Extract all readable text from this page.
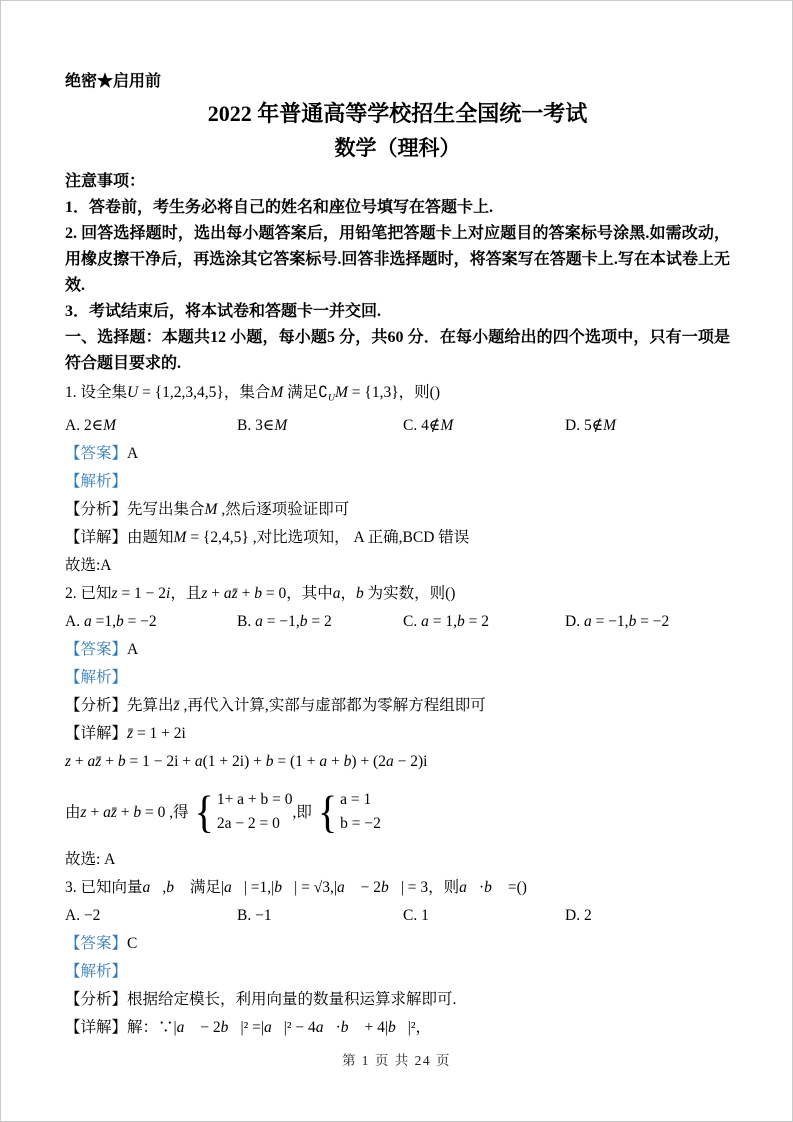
绝密★启用前
2022 年普通高等学校招生全国统一考试
数学（理科）
注意事项：

1．答卷前，考生务必将自己的姓名和座位号填写在答题卡上.

2. 回答选择题时，选出每小题答案后，用铅笔把答题卡上对应题目的答案标号涂黑.如需改动，用橡皮擦干净后，再选涂其它答案标号.回答非选择题时，将答案写在答题卡上.写在本试卷上无效.

3．考试结束后，将本试卷和答题卡一并交回.

一、选择题：本题共12 小题，每小题5 分，共60 分．在每小题给出的四个选项中，只有一项是符合题目要求的.

1. 设全集U = {1,2,3,4,5}，集合M 满足$∁_UM = \{1,3\}$，则()

A. 2∈M	B. 3∈M	C. 4∉M	D. 5∉M

【答案】A

【解析】

【分析】先写出集合M ,然后逐项验证即可

【详解】由题知M = {2,4,5} ,对比选项知， A 正确,BCD 错误

故选:A

2. 已知z = 1 − 2i，且z + az̄ + b = 0，其中a，b 为实数，则()

A. a =1,b = −2	B. a = −1,b = 2	C. a = 1,b = 2	D. a = −1,b = −2

【答案】A

【解析】

【分析】先算出z̄ ,再代入计算,实部与虚部都为零解方程组即可

【详解】z̄ = 1 + 2i

z + az̄ + b = 1 − 2i + a(1 + 2i) + b = (1 + a + b) + (2a − 2)i

由z + az̄ + b = 0 ,得 { 1+ a + b = 0
2a − 2 = 0
,即 { a = 1
b = −2

故选: A

3. 已知向量a⃗,b⃗ 满足|a⃗| =1,|b⃗| = √3,|a⃗ − 2b⃗| = 3，则a⃗·b⃗ =()

A. −2	B. −1	C. 1	D. 2

【答案】C

【解析】

【分析】根据给定模长，利用向量的数量积运算求解即可.

【详解】解：∵|a⃗ − 2b⃗|² =|a⃗|² − 4a⃗·b⃗ + 4|b⃗|²，

第 1 页 共 24 页
